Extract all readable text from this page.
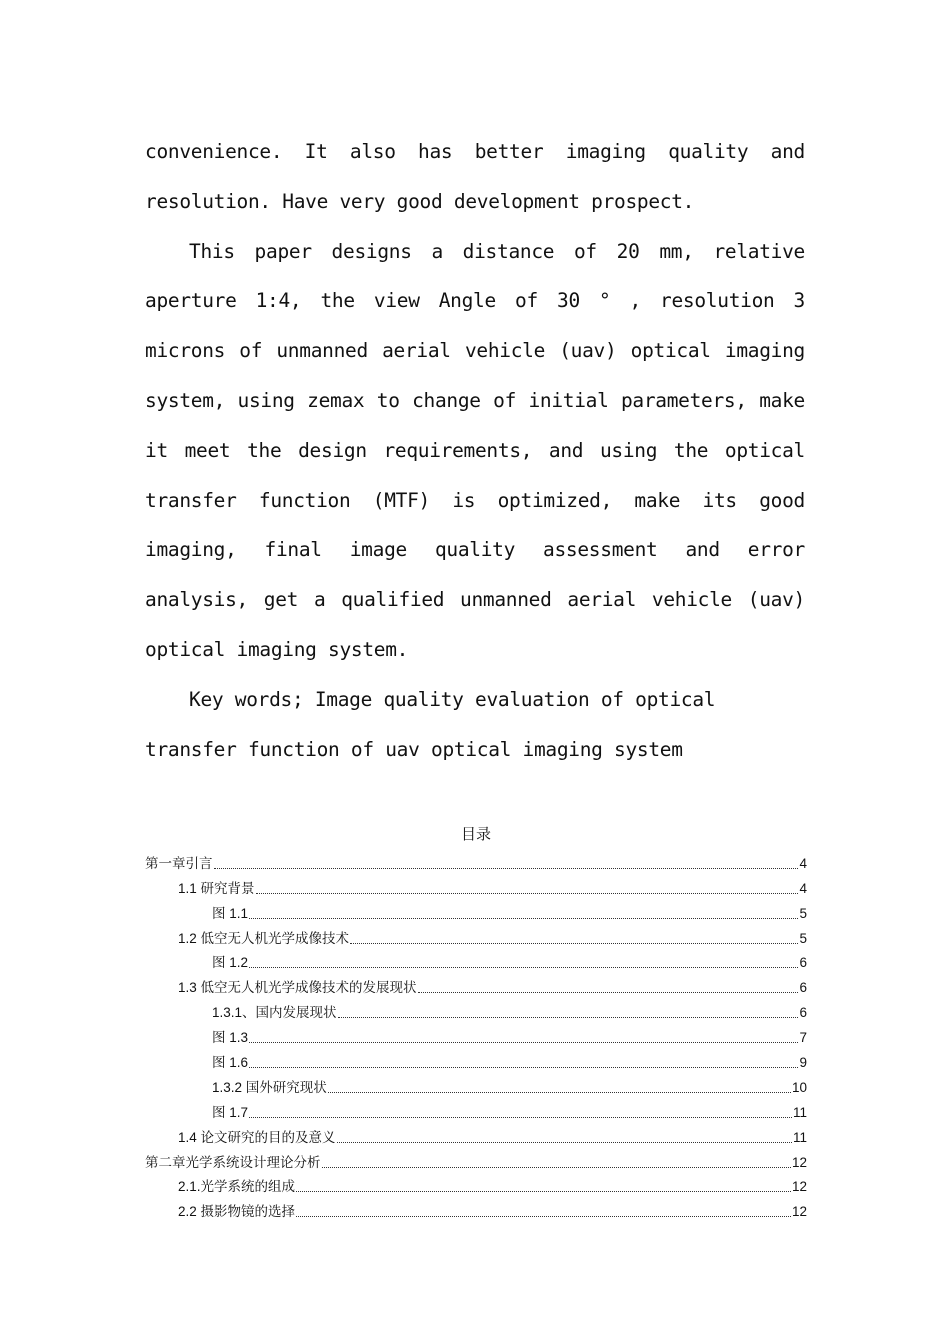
convenience. It also has better imaging quality and resolution. Have very good development prospect.

This paper designs a distance of 20 mm, relative aperture 1:4, the view Angle of 30 ° , resolution 3 microns of unmanned aerial vehicle (uav) optical imaging system, using zemax to change of initial parameters, make it meet the design requirements, and using the optical transfer function (MTF) is optimized, make its good imaging, final image quality assessment and error analysis, get a qualified unmanned aerial vehicle (uav) optical imaging system.

Key words; Image quality evaluation of optical transfer function of uav optical imaging system

目录
第一章引言	4
1.1 研究背景	4
图 1.1	5
1.2 低空无人机光学成像技术	5
图 1.2	6
1.3 低空无人机光学成像技术的发展现状	6
1.3.1、国内发展现状	6
图 1.3	7
图 1.6	9
1.3.2 国外研究现状	10
图 1.7	11
1.4 论文研究的目的及意义	11
第二章光学系统设计理论分析	12
2.1.光学系统的组成	12
2.2 摄影物镜的选择	12
